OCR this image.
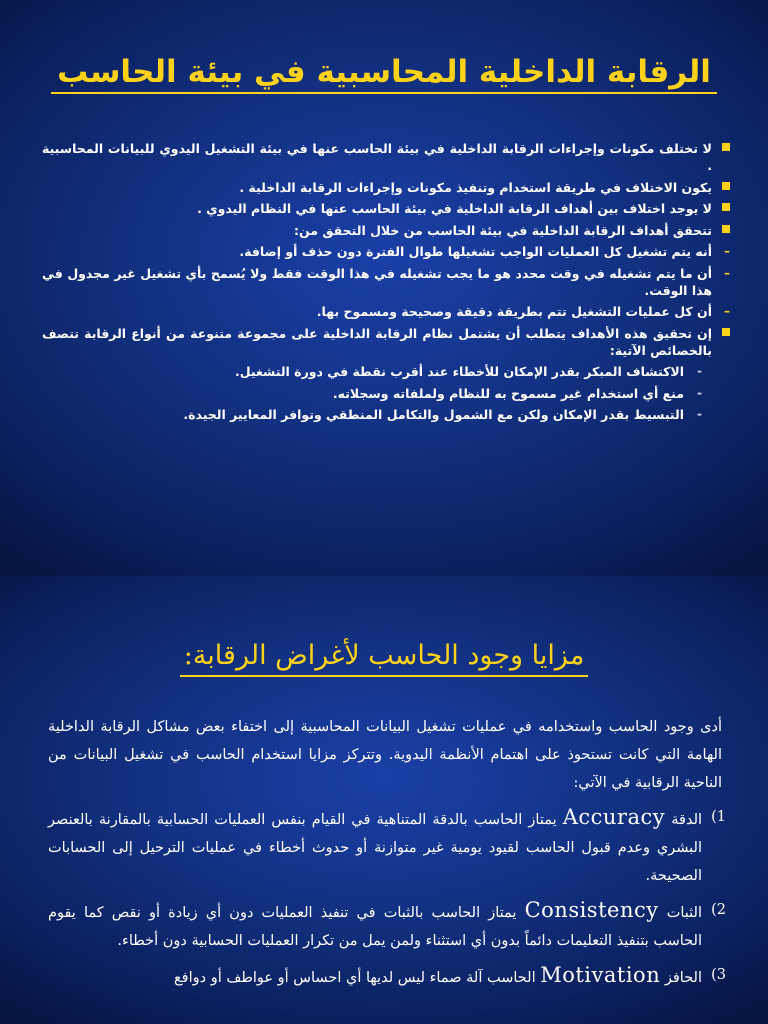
الرقابة الداخلية المحاسبية في بيئة الحاسب
لا تختلف مكونات وإجراءات الرقابة الداخلية في بيئة الحاسب عنها في بيئة التشغيل اليدوي للبيانات المحاسبية .
يكون الاختلاف في طريقة استخدام وتنفيذ مكونات وإجراءات الرقابة الداخلية .
لا يوجد اختلاف بين أهداف الرقابة الداخلية في بيئة الحاسب عنها في النظام اليدوي .
تتحقق أهداف الرقابة الداخلية في بيئة الحاسب من خلال التحقق من:
–
أنه يتم تشغيل كل العمليات الواجب تشغيلها طوال الفترة دون حذف أو إضافة.
–
أن ما يتم تشغيله في وقت محدد هو ما يجب تشغيله في هذا الوقت فقط ولا يُسمح بأي تشغيل غير مجدول في هذا الوقت.
–
أن كل عمليات التشغيل تتم بطريقة دقيقة وصحيحة ومسموح بها.
إن تحقيق هذه الأهداف يتطلب أن يشتمل نظام الرقابة الداخلية على مجموعة متنوعة من أنواع الرقابة تتصف بالخصائص الآتية:
-
الاكتشاف المبكر بقدر الإمكان للأخطاء عند أقرب نقطة في دورة التشغيل.
-
منع أي استخدام غير مسموح به للنظام ولملفاته وسجلاته.
-
التبسيط بقدر الإمكان ولكن مع الشمول والتكامل المنطقي وتوافر المعايير الجيدة.
مزايا وجود الحاسب لأغراض الرقابة:

أدى وجود الحاسب واستخدامه في عمليات تشغيل البيانات المحاسبية إلى اختفاء بعض مشاكل الرقابة الداخلية الهامة التي كانت تستحوذ على اهتمام الأنظمة اليدوية. وتتركز مزايا استخدام الحاسب في تشغيل البيانات من الناحية الرقابية في الآتي:

1)
الدقة Accuracy يمتاز الحاسب بالدقة المتناهية في القيام بنفس العمليات الحسابية بالمقارنة بالعنصر البشري وعدم قبول الحاسب لقيود يومية غير متوازنة أو حدوث أخطاء في عمليات الترحيل إلى الحسابات الصحيحة.

2)
الثبات Consistency يمتاز الحاسب بالثبات في تنفيذ العمليات دون أي زيادة أو نقص كما يقوم الحاسب بتنفيذ التعليمات دائماً بدون أي استثناء ولمن يمل من تكرار العمليات الحسابية دون أخطاء.

3)
الحافز Motivation الحاسب آلة صماء ليس لديها أي احساس أو عواطف أو دوافع
